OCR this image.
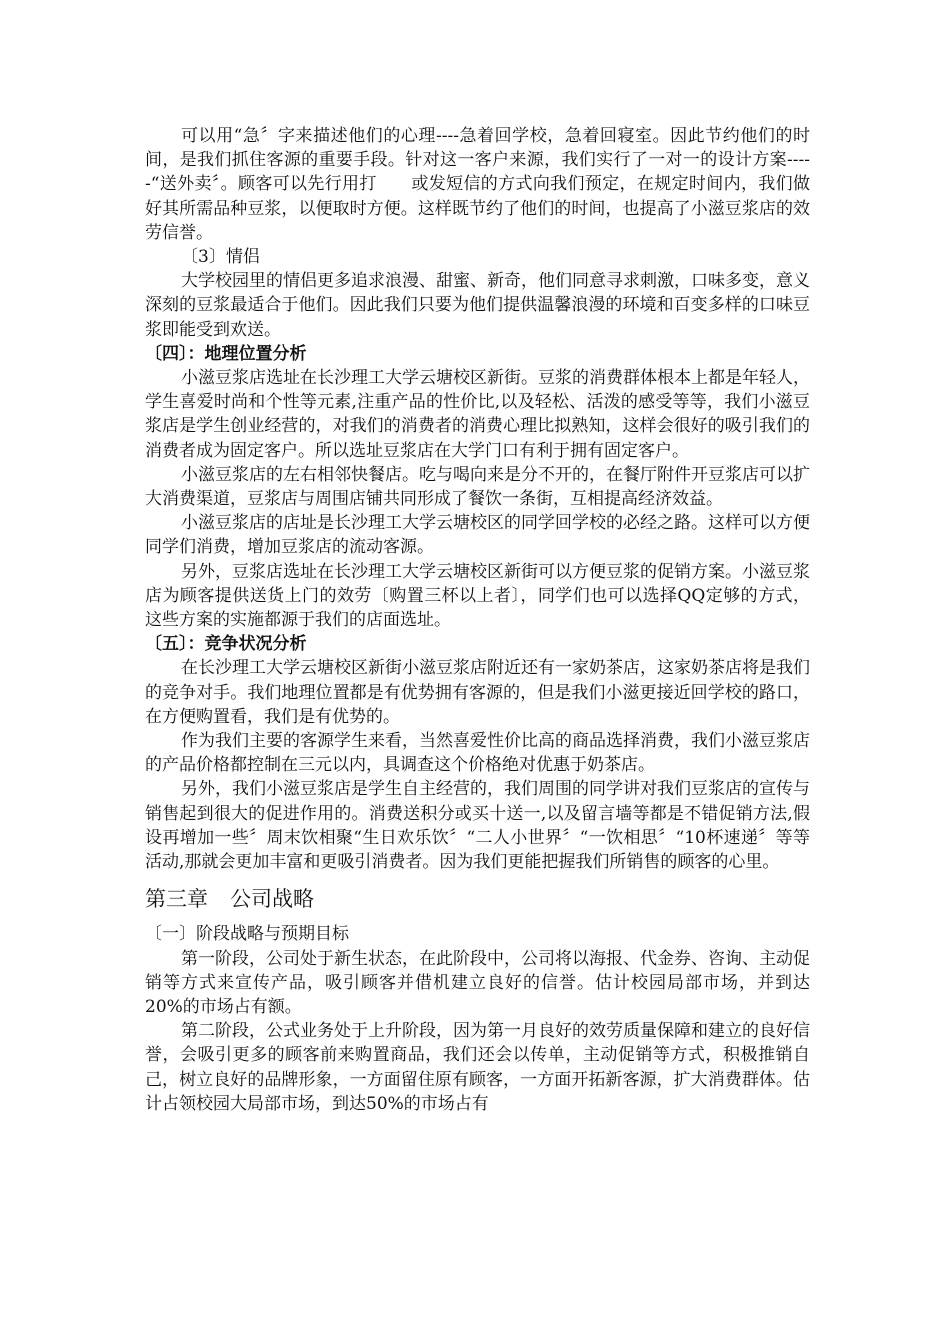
可以用“急〞字来描述他们的心理----急着回学校，急着回寝室。因此节约他们的时间，是我们抓住客源的重要手段。针对这一客户来源，我们实行了一对一的设计方案-----“送外卖〞。顾客可以先行用打　　或发短信的方式向我们预定，在规定时间内，我们做好其所需品种豆浆，以便取时方便。这样既节约了他们的时间，也提高了小滋豆浆店的效劳信誉。

〔3〕情侣

大学校园里的情侣更多追求浪漫、甜蜜、新奇，他们同意寻求刺激，口味多变，意义深刻的豆浆最适合于他们。因此我们只要为他们提供温馨浪漫的环境和百变多样的口味豆浆即能受到欢送。

〔四〕：地理位置分析

小滋豆浆店选址在长沙理工大学云塘校区新街。豆浆的消费群体根本上都是年轻人，学生喜爱时尚和个性等元素,注重产品的性价比,以及轻松、活泼的感受等等，我们小滋豆浆店是学生创业经营的，对我们的消费者的消费心理比拟熟知，这样会很好的吸引我们的消费者成为固定客户。所以选址豆浆店在大学门口有利于拥有固定客户。

小滋豆浆店的左右相邻快餐店。吃与喝向来是分不开的，在餐厅附件开豆浆店可以扩大消费渠道，豆浆店与周围店铺共同形成了餐饮一条街，互相提高经济效益。

小滋豆浆店的店址是长沙理工大学云塘校区的同学回学校的必经之路。这样可以方便同学们消费，增加豆浆店的流动客源。

另外，豆浆店选址在长沙理工大学云塘校区新街可以方便豆浆的促销方案。小滋豆浆店为顾客提供送货上门的效劳〔购置三杯以上者〕，同学们也可以选择QQ定够的方式，这些方案的实施都源于我们的店面选址。

〔五〕：竞争状况分析

在长沙理工大学云塘校区新街小滋豆浆店附近还有一家奶茶店，这家奶茶店将是我们的竞争对手。我们地理位置都是有优势拥有客源的，但是我们小滋更接近回学校的路口，在方便购置看，我们是有优势的。

作为我们主要的客源学生来看，当然喜爱性价比高的商品选择消费，我们小滋豆浆店的产品价格都控制在三元以内，具调查这个价格绝对优惠于奶茶店。

另外，我们小滋豆浆店是学生自主经营的，我们周围的同学讲对我们豆浆店的宣传与销售起到很大的促进作用的。消费送积分或买十送一,以及留言墙等都是不错促销方法,假设再增加一些〞周末饮相聚“生日欢乐饮〞“二人小世界〞“一饮相思〞“10杯速递〞等等活动,那就会更加丰富和更吸引消费者。因为我们更能把握我们所销售的顾客的心里。

第三章 公司战略
〔一〕阶段战略与预期目标

第一阶段，公司处于新生状态，在此阶段中，公司将以海报、代金券、咨询、主动促销等方式来宣传产品，吸引顾客并借机建立良好的信誉。估计校园局部市场，并到达20%的市场占有额。

第二阶段，公式业务处于上升阶段，因为第一月良好的效劳质量保障和建立的良好信誉，会吸引更多的顾客前来购置商品，我们还会以传单，主动促销等方式，积极推销自己，树立良好的品牌形象，一方面留住原有顾客，一方面开拓新客源，扩大消费群体。估计占领校园大局部市场，到达50%的市场占有
